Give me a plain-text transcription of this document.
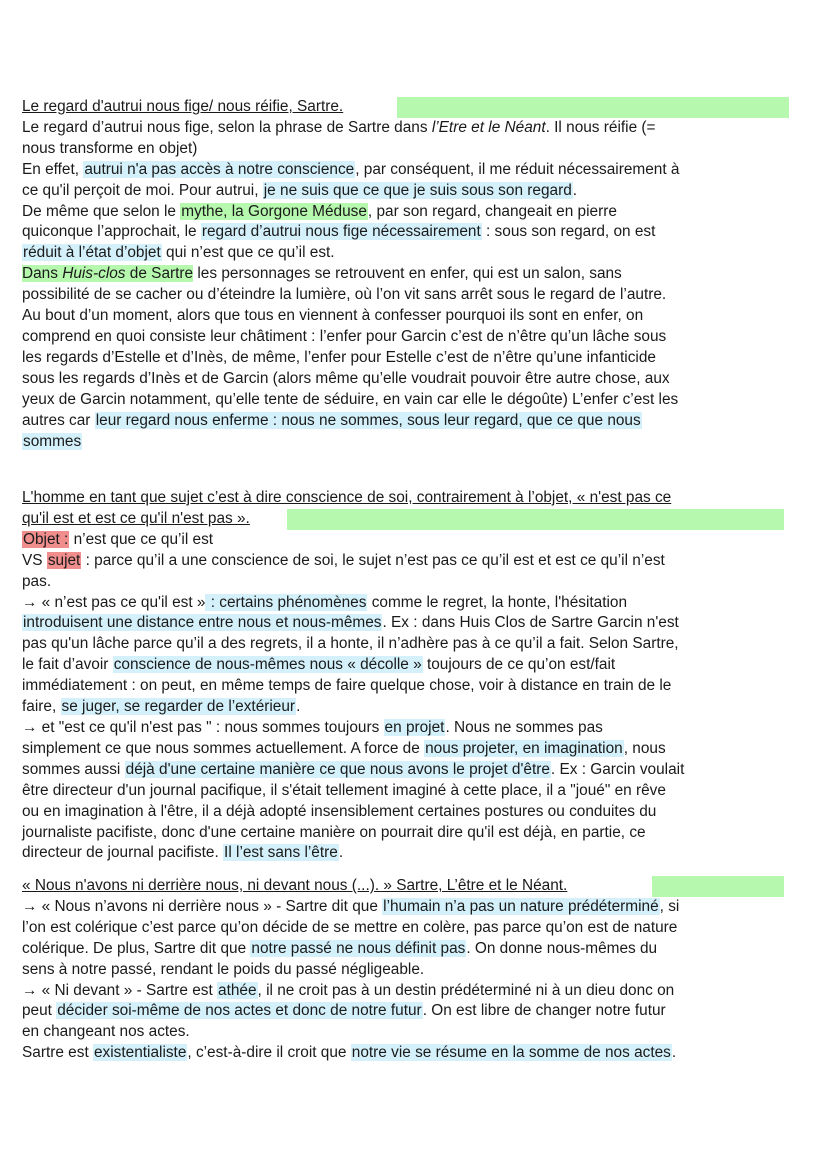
Le regard d'autrui nous fige/ nous réifie, Sartre.
Le regard d’autrui nous fige, selon la phrase de Sartre dans l’Etre et le Néant. Il nous réifie (=
nous transforme en objet)
En effet, autrui n'a pas accès à notre conscience, par conséquent, il me réduit nécessairement à
ce qu'il perçoit de moi. Pour autrui, je ne suis que ce que je suis sous son regard.
De même que selon le mythe, la Gorgone Méduse, par son regard, changeait en pierre
quiconque l’approchait, le regard d’autrui nous fige nécessairement : sous son regard, on est
réduit à l’état d’objet qui n’est que ce qu’il est.
Dans Huis-clos de Sartre les personnages se retrouvent en enfer, qui est un salon, sans
possibilité de se cacher ou d’éteindre la lumière, où l’on vit sans arrêt sous le regard de l’autre.
Au bout d’un moment, alors que tous en viennent à confesser pourquoi ils sont en enfer, on
comprend en quoi consiste leur châtiment : l’enfer pour Garcin c’est de n’être qu’un lâche sous
les regards d’Estelle et d’Inès, de même, l’enfer pour Estelle c’est de n’être qu’une infanticide
sous les regards d’Inès et de Garcin (alors même qu’elle voudrait pouvoir être autre chose, aux
yeux de Garcin notamment, qu’elle tente de séduire, en vain car elle le dégoûte) L’enfer c’est les
autres car leur regard nous enferme : nous ne sommes, sous leur regard, que ce que nous
sommes
L'homme en tant que sujet c’est à dire conscience de soi, contrairement à l’objet, « n'est pas ce
qu'il est et est ce qu'il n'est pas ».
Objet : n’est que ce qu’il est
VS sujet : parce qu’il a une conscience de soi, le sujet n’est pas ce qu’il est et est ce qu’il n’est
pas.
→ « n’est pas ce qu'il est » : certains phénomènes comme le regret, la honte, l'hésitation
introduisent une distance entre nous et nous-mêmes. Ex : dans Huis Clos de Sartre Garcin n'est
pas qu'un lâche parce qu’il a des regrets, il a honte, il n’adhère pas à ce qu’il a fait. Selon Sartre,
le fait d’avoir conscience de nous-mêmes nous « décolle » toujours de ce qu’on est/fait
immédiatement : on peut, en même temps de faire quelque chose, voir à distance en train de le
faire, se juger, se regarder de l’extérieur.
→ et "est ce qu'il n'est pas " : nous sommes toujours en projet. Nous ne sommes pas
simplement ce que nous sommes actuellement. A force de nous projeter, en imagination, nous
sommes aussi déjà d'une certaine manière ce que nous avons le projet d'être. Ex : Garcin voulait
être directeur d'un journal pacifique, il s'était tellement imaginé à cette place, il a "joué" en rêve
ou en imagination à l'être, il a déjà adopté insensiblement certaines postures ou conduites du
journaliste pacifiste, donc d'une certaine manière on pourrait dire qu'il est déjà, en partie, ce
directeur de journal pacifiste. Il l’est sans l’être.
« Nous n'avons ni derrière nous, ni devant nous (...). » Sartre, L’être et le Néant.
→ « Nous n’avons ni derrière nous » - Sartre dit que l’humain n’a pas un nature prédéterminé, si
l’on est colérique c’est parce qu’on décide de se mettre en colère, pas parce qu’on est de nature
colérique. De plus, Sartre dit que notre passé ne nous définit pas. On donne nous-mêmes du
sens à notre passé, rendant le poids du passé négligeable.
→ « Ni devant » - Sartre est athée, il ne croit pas à un destin prédéterminé ni à un dieu donc on
peut décider soi-même de nos actes et donc de notre futur. On est libre de changer notre futur
en changeant nos actes.
Sartre est existentialiste, c’est-à-dire il croit que notre vie se résume en la somme de nos actes.
